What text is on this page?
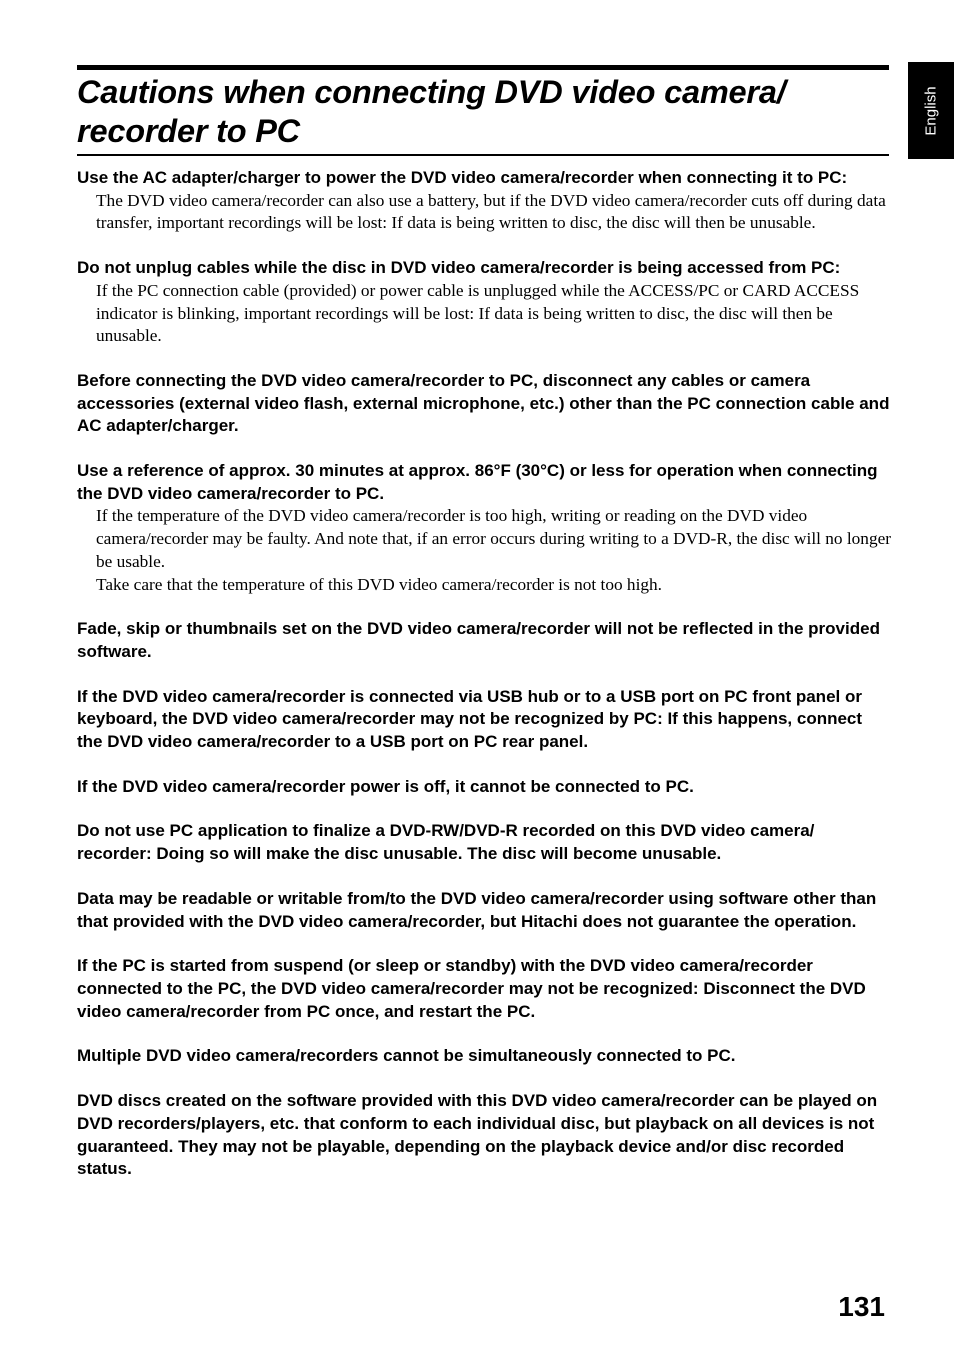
Cautions when connecting DVD video camera/ recorder to PC	English

Use the AC adapter/charger to power the DVD video camera/recorder when connecting it to PC:

The DVD video camera/recorder can also use a battery, but if the DVD video camera/recorder cuts off during data transfer, important recordings will be lost: If data is being written to disc, the disc will then be unusable.

Do not unplug cables while the disc in DVD video camera/recorder is being accessed from PC:

If the PC connection cable (provided) or power cable is unplugged while the ACCESS/PC or CARD ACCESS indicator is blinking, important recordings will be lost: If data is being written to disc, the disc will then be unusable.

Before connecting the DVD video camera/recorder to PC, disconnect any cables or camera accessories (external video flash, external microphone, etc.) other than the PC connection cable and AC adapter/charger.

Use a reference of approx. 30 minutes at approx. 86°F (30°C) or less for operation when connecting the DVD video camera/recorder to PC.

If the temperature of the DVD video camera/recorder is too high, writing or reading on the DVD video camera/recorder may be faulty. And note that, if an error occurs during writing to a DVD-R, the disc will no longer be usable.

Take care that the temperature of this DVD video camera/recorder is not too high.

Fade, skip or thumbnails set on the DVD video camera/recorder will not be reflected in the provided software.

If the DVD video camera/recorder is connected via USB hub or to a USB port on PC front panel or keyboard, the DVD video camera/recorder may not be recognized by PC: If this happens, connect the DVD video camera/recorder to a USB port on PC rear panel.

If the DVD video camera/recorder power is off, it cannot be connected to PC.

Do not use PC application to finalize a DVD-RW/DVD-R recorded on this DVD video camera/ recorder: Doing so will make the disc unusable. The disc will become unusable.

Data may be readable or writable from/to the DVD video camera/recorder using software other than that provided with the DVD video camera/recorder, but Hitachi does not guarantee the operation.

If the PC is started from suspend (or sleep or standby) with the DVD video camera/recorder connected to the PC, the DVD video camera/recorder may not be recognized: Disconnect the DVD video camera/recorder from PC once, and restart the PC.

Multiple DVD video camera/recorders cannot be simultaneously connected to PC.

DVD discs created on the software provided with this DVD video camera/recorder can be played on DVD recorders/players, etc. that conform to each individual disc, but playback on all devices is not guaranteed. They may not be playable, depending on the playback device and/or disc recorded status.

131
